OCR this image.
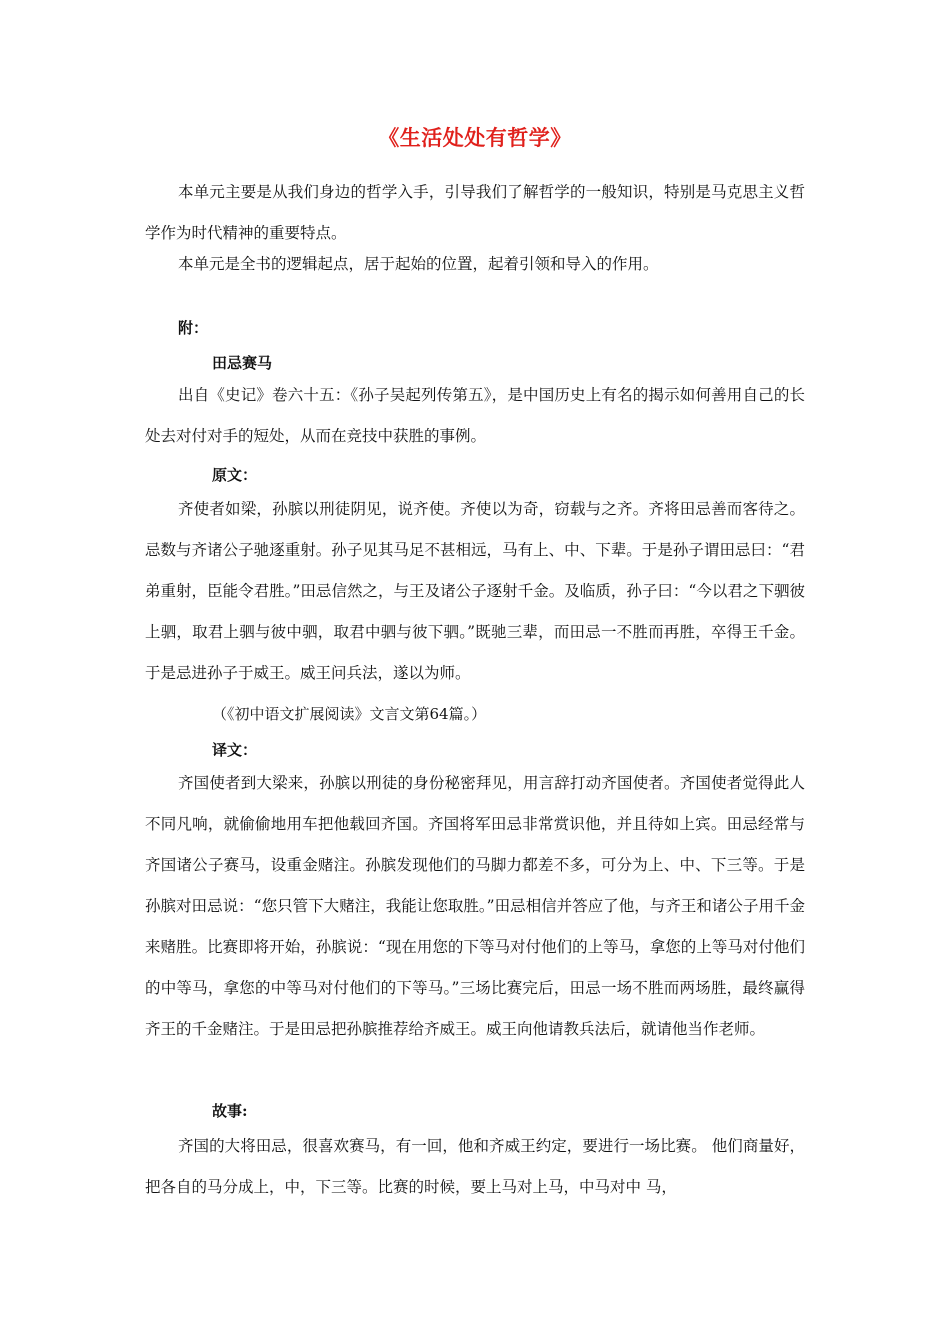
《生活处处有哲学》
本单元主要是从我们身边的哲学入手，引导我们了解哲学的一般知识，特别是马克思主义哲学作为时代精神的重要特点。
本单元是全书的逻辑起点，居于起始的位置，起着引领和导入的作用。
附：
田忌赛马
出自《史记》卷六十五：《孙子吴起列传第五》，是中国历史上有名的揭示如何善用自己的长处去对付对手的短处，从而在竞技中获胜的事例。
原文：
齐使者如梁，孙膑以刑徒阴见，说齐使。齐使以为奇，窃载与之齐。齐将田忌善而客待之。忌数与齐诸公子驰逐重射。孙子见其马足不甚相远，马有上、中、下辈。于是孙子谓田忌曰：“君弟重射，臣能令君胜。”田忌信然之，与王及诸公子逐射千金。及临质，孙子曰：“今以君之下驷彼上驷，取君上驷与彼中驷，取君中驷与彼下驷。”既驰三辈，而田忌一不胜而再胜，卒得王千金。于是忌进孙子于威王。威王问兵法，遂以为师。
（《初中语文扩展阅读》文言文第64篇。）
译文：
齐国使者到大梁来，孙膑以刑徒的身份秘密拜见，用言辞打动齐国使者。齐国使者觉得此人不同凡响，就偷偷地用车把他载回齐国。齐国将军田忌非常赏识他，并且待如上宾。田忌经常与齐国诸公子赛马，设重金赌注。孙膑发现他们的马脚力都差不多，可分为上、中、下三等。于是孙膑对田忌说：“您只管下大赌注，我能让您取胜。”田忌相信并答应了他，与齐王和诸公子用千金来赌胜。比赛即将开始，孙膑说：“现在用您的下等马对付他们的上等马，拿您的上等马对付他们的中等马，拿您的中等马对付他们的下等马。”三场比赛完后，田忌一场不胜而两场胜，最终赢得齐王的千金赌注。于是田忌把孙膑推荐给齐威王。威王向他请教兵法后，就请他当作老师。
故事:
齐国的大将田忌，很喜欢赛马，有一回，他和齐威王约定，要进行一场比赛。 他们商量好，把各自的马分成上，中，下三等。比赛的时候，要上马对上马，中马对中 马，
